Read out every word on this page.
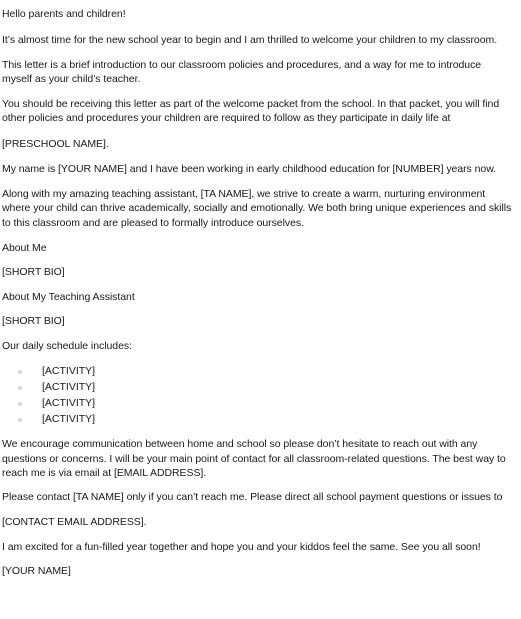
Hello parents and children!
It’s almost time for the new school year to begin and I am thrilled to welcome your children to my classroom.
This letter is a brief introduction to our classroom policies and procedures, and a way for me to introduce
myself as your child’s teacher.
You should be receiving this letter as part of the welcome packet from the school. In that packet, you will find
other policies and procedures your children are required to follow as they participate in daily life at
[PRESCHOOL NAME].
My name is [YOUR NAME] and I have been working in early childhood education for [NUMBER] years now.
Along with my amazing teaching assistant, [TA NAME], we strive to create a warm, nurturing environment
where your child can thrive academically, socially and emotionally. We both bring unique experiences and skills
to this classroom and are pleased to formally introduce ourselves.
About Me
[SHORT BIO]
About My Teaching Assistant
[SHORT BIO]
Our daily schedule includes:
[ACTIVITY]
[ACTIVITY]
[ACTIVITY]
[ACTIVITY]
We encourage communication between home and school so please don’t hesitate to reach out with any
questions or concerns. I will be your main point of contact for all classroom-related questions. The best way to
reach me is via email at [EMAIL ADDRESS].
Please contact [TA NAME] only if you can’t reach me. Please direct all school payment questions or issues to
[CONTACT EMAIL ADDRESS].
I am excited for a fun-filled year together and hope you and your kiddos feel the same. See you all soon!
[YOUR NAME]
